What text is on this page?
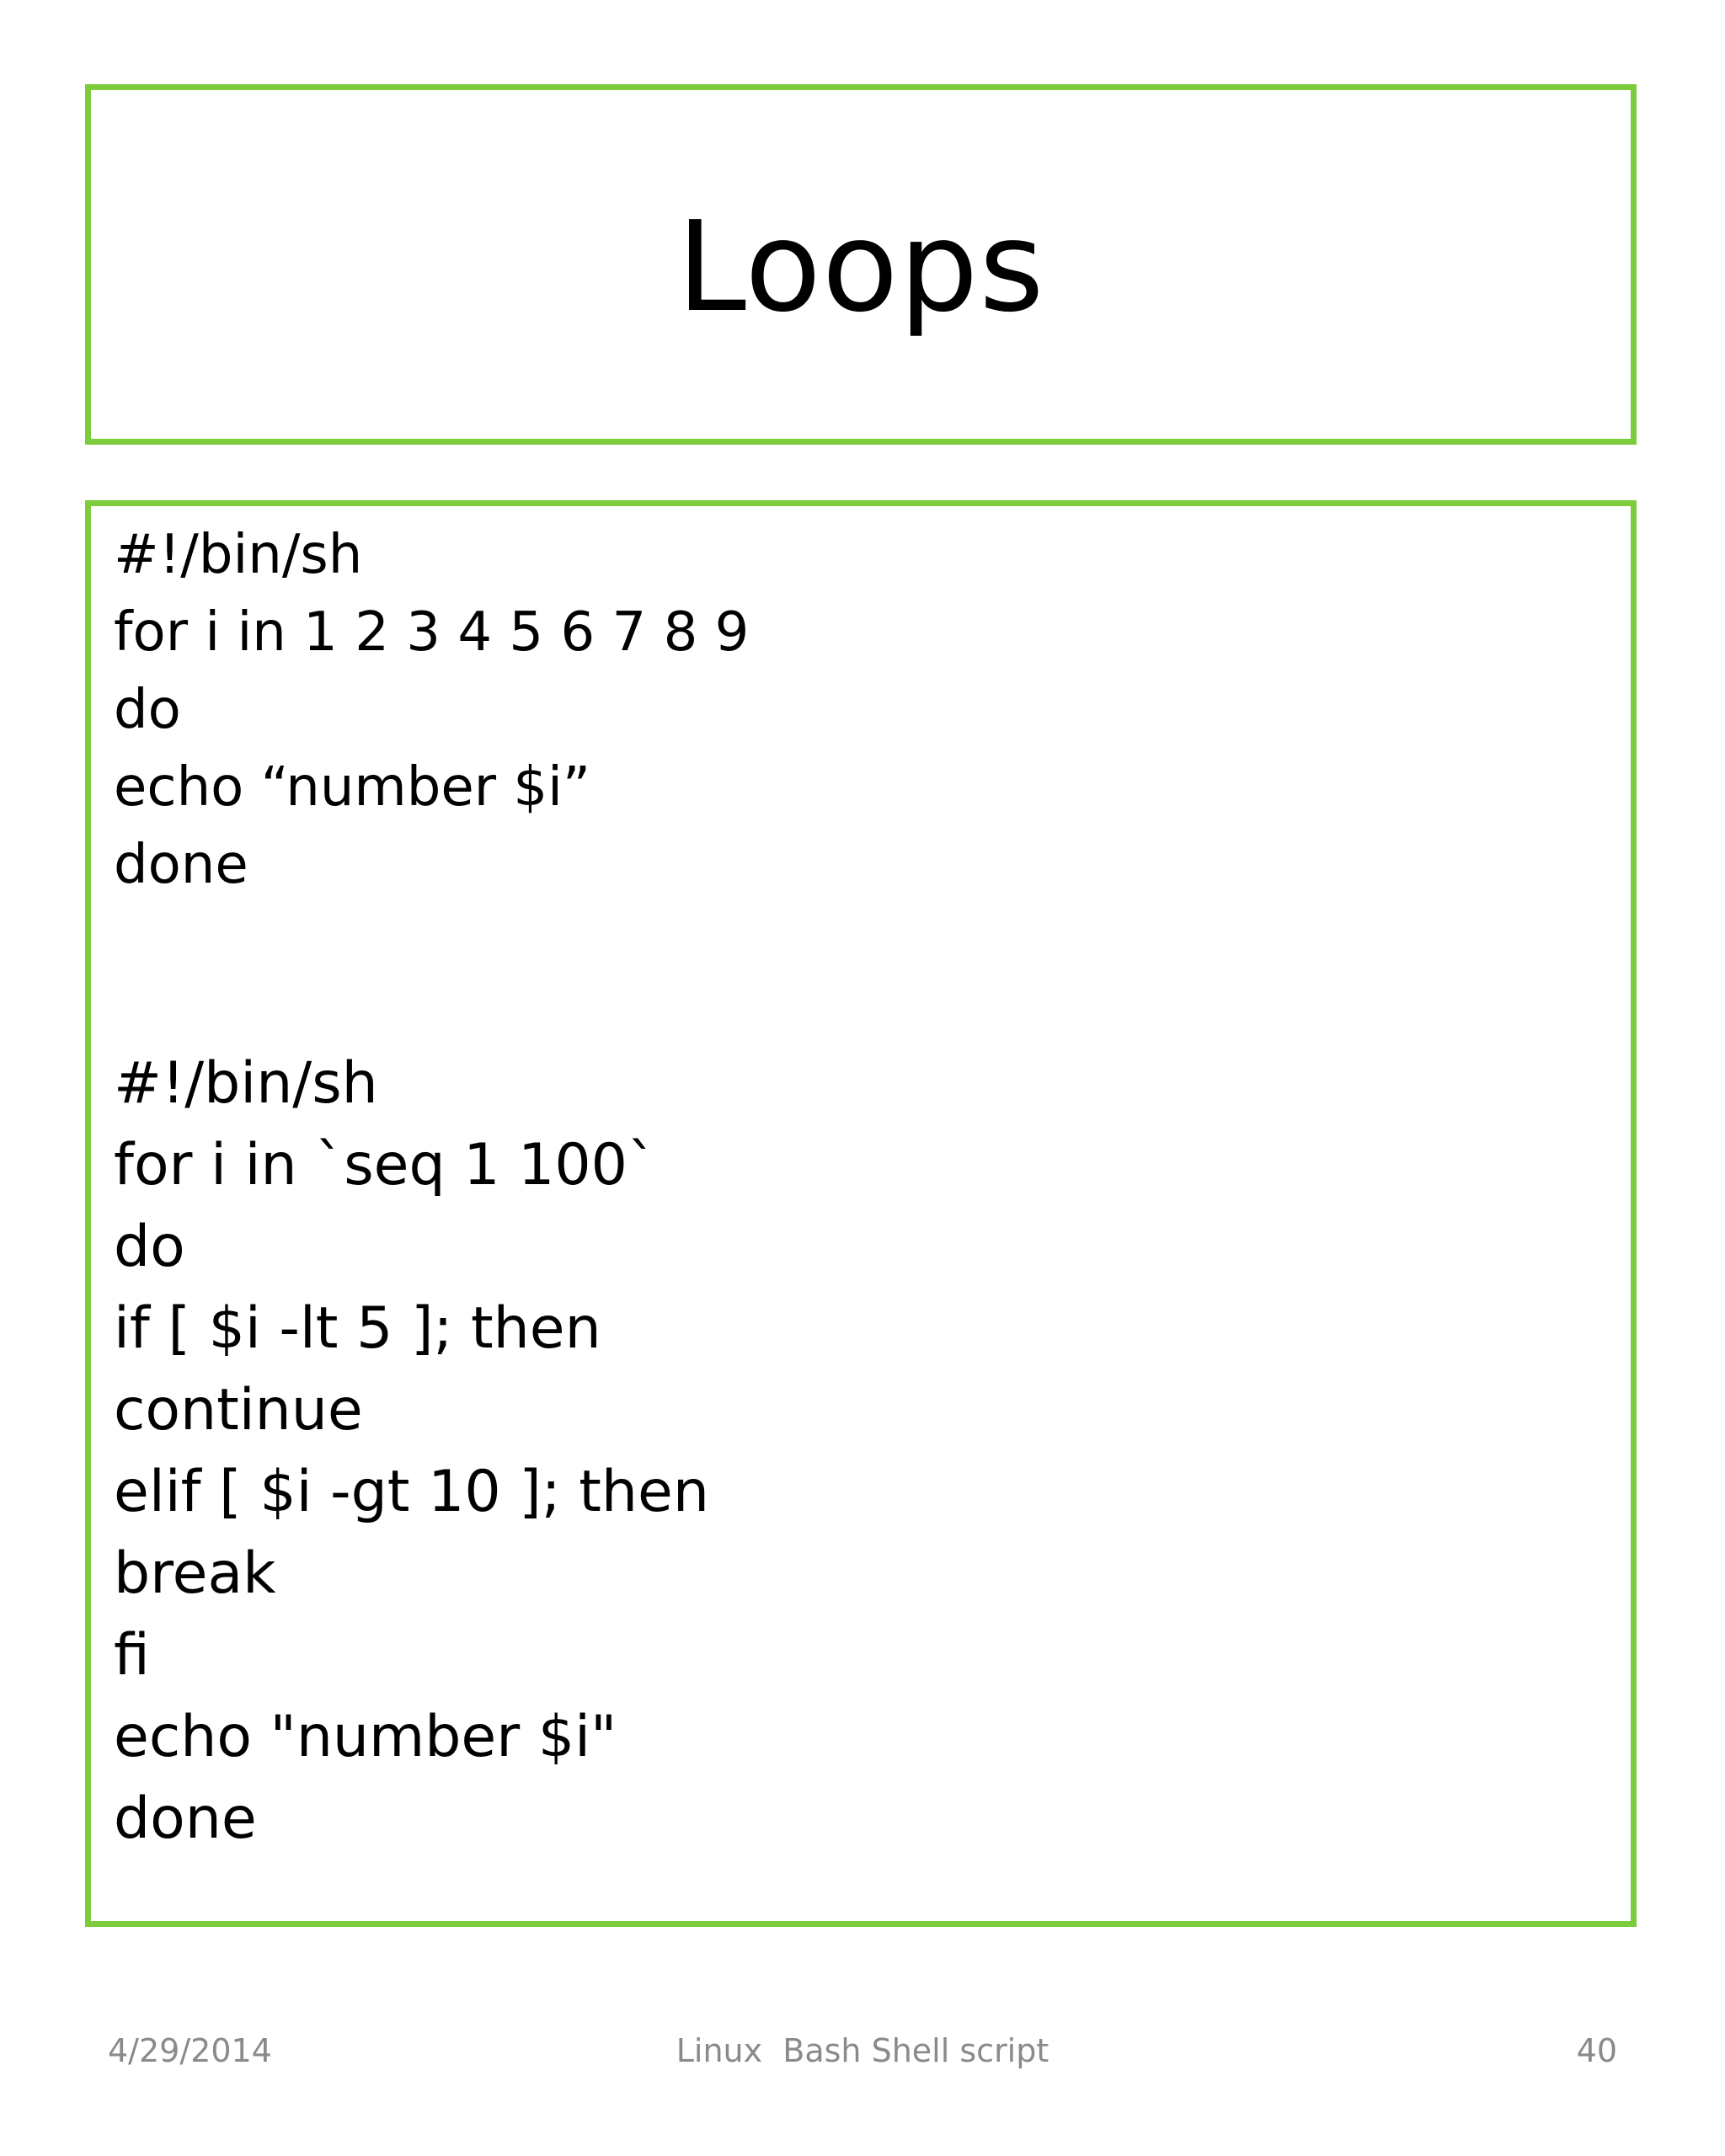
Loops
#!/bin/sh
for i in 1 2 3 4 5 6 7 8 9
do
echo “number $i”
done
#!/bin/sh
for i in `seq 1 100`
do
if [ $i -lt 5 ]; then
continue
elif [ $i -gt 10 ]; then
break
fi
echo "number $i"
done
4/29/2014	Linux  Bash Shell script	40
